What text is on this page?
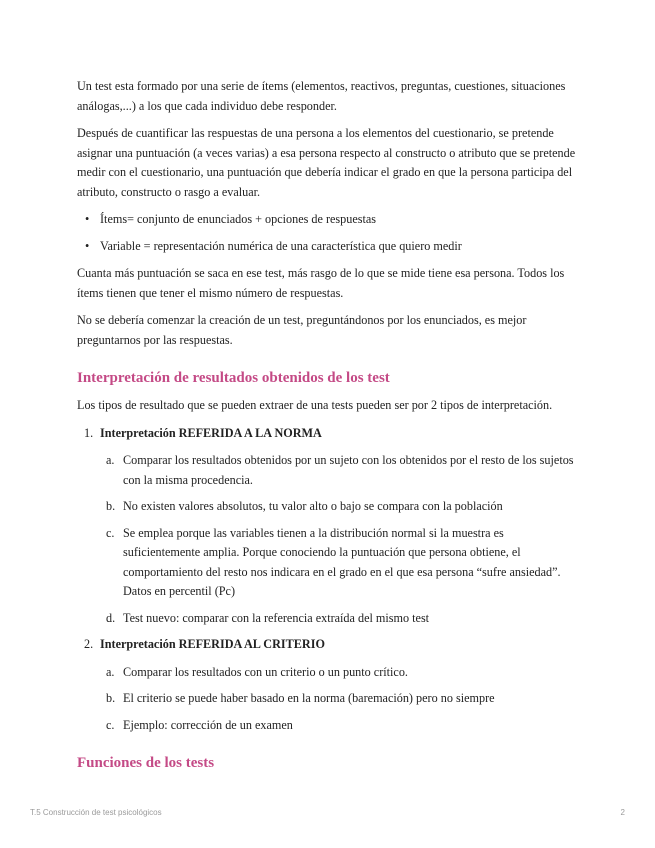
Un test esta formado por una serie de ítems (elementos, reactivos, preguntas, cuestiones, situaciones análogas,...) a los que cada individuo debe responder.

Después de cuantificar las respuestas de una persona a los elementos del cuestionario, se pretende asignar una puntuación (a veces varias) a esa persona respecto al constructo o atributo que se pretende medir con el cuestionario, una puntuación que debería indicar el grado en que la persona participa del atributo, constructo o rasgo a evaluar.

• Ítems= conjunto de enunciados + opciones de respuestas
• Variable = representación numérica de una característica que quiero medir

Cuanta más puntuación se saca en ese test, más rasgo de lo que se mide tiene esa persona. Todos los ítems tienen que tener el mismo número de respuestas.

No se debería comenzar la creación de un test, preguntándonos por los enunciados, es mejor preguntarnos por las respuestas.

Interpretación de resultados obtenidos de los test

Los tipos de resultado que se pueden extraer de una tests pueden ser por 2 tipos de interpretación.

1. Interpretación REFERIDA A LA NORMA
a. Comparar los resultados obtenidos por un sujeto con los obtenidos por el resto de los sujetos con la misma procedencia.
b. No existen valores absolutos, tu valor alto o bajo se compara con la población
c. Se emplea porque las variables tienen a la distribución normal si la muestra es suficientemente amplia. Porque conociendo la puntuación que persona obtiene, el comportamiento del resto nos indicara en el grado en el que esa persona “sufre ansiedad”. Datos en percentil (Pc)
d. Test nuevo: comparar con la referencia extraída del mismo test
2. Interpretación REFERIDA AL CRITERIO
a. Comparar los resultados con un criterio o un punto crítico.
b. El criterio se puede haber basado en la norma (baremación) pero no siempre
c. Ejemplo: corrección de un examen
Funciones de los tests
T.5 Construcción de test psicológicos	2
